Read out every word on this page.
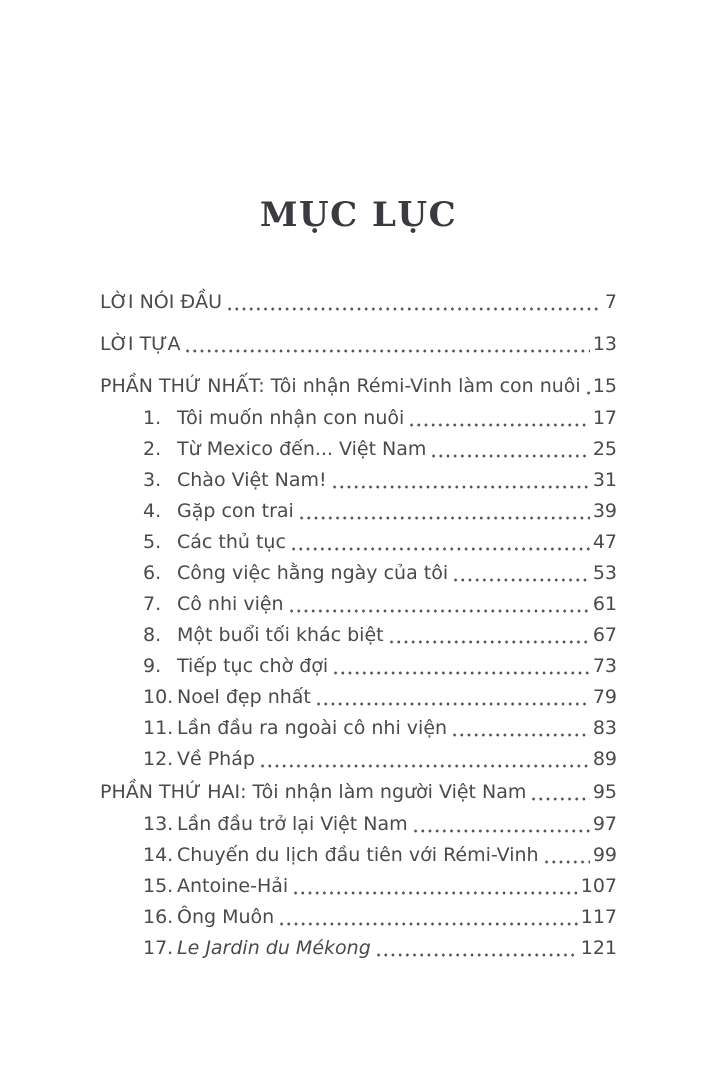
MỤC LỤC
LỜI NÓI ĐẦU	7
LỜI TỰA	13
PHẦN THỨ NHẤT: Tôi nhận Rémi-Vinh làm con nuôi 15
1. Tôi muốn nhận con nuôi	17
2. Từ Mexico đến... Việt Nam	25
3. Chào Việt Nam!	31
4. Gặp con trai	39
5. Các thủ tục	47
6. Công việc hằng ngày của tôi	53
7. Cô nhi viện	61
8. Một buổi tối khác biệt	67
9. Tiếp tục chờ đợi	73
10. Noel đẹp nhất	79
11. Lần đầu ra ngoài cô nhi viện	83
12. Về Pháp	89
PHẦN THỨ HAI: Tôi nhận làm người Việt Nam	95
13. Lần đầu trở lại Việt Nam	97
14. Chuyến du lịch đầu tiên với Rémi-Vinh	99
15. Antoine-Hải	107
16. Ông Muôn	117
17. Le Jardin du Mékong	121
